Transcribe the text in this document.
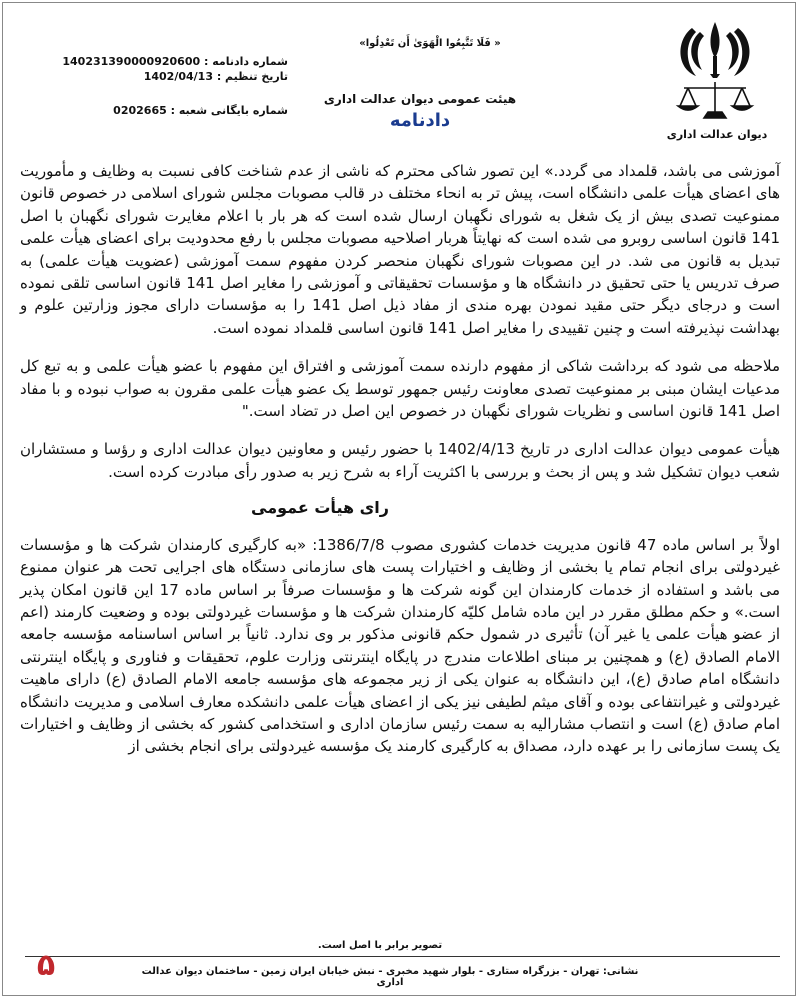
دیوان عدالت اداری
«فَلَا تَتَّبِعُوا الْهَوَىٰ أَن تَعْدِلُوا »
هیئت عمومی دیوان عدالت اداری
دادنامه
شماره دادنامه : 140231390000920600
تاریخ تنظیم : 1402/04/13
شماره بایگانی شعبه : 0202665

آموزشی می باشد، قلمداد می گردد.» این تصور شاکی محترم که ناشی از عدم شناخت کافی نسبت به وظایف و مأموریت های اعضای هیأت علمی دانشگاه است، پیش تر به انحاء مختلف در قالب مصوبات مجلس شورای اسلامی در خصوص قانون ممنوعیت تصدی بیش از یک شغل به شورای نگهبان ارسال شده است که هر بار با اعلام مغایرت شورای نگهبان با اصل 141 قانون اساسی روبرو می شده است که نهایتاً هربار اصلاحیه مصوبات مجلس با رفع محدودیت برای اعضای هیأت علمی تبدیل به قانون می شد. در این مصوبات شورای نگهبان منحصر کردن مفهوم سمت آموزشی (عضویت هیأت علمی) به صرف تدریس یا حتی تحقیق در دانشگاه ها و مؤسسات تحقیقاتی و آموزشی را مغایر اصل 141 قانون اساسی تلقی نموده است و درجای دیگر حتی مقید نمودن بهره مندی از مفاد ذیل اصل 141 را به مؤسسات دارای مجوز وزارتین علوم و بهداشت نپذیرفته است و چنین تقییدی را مغایر اصل 141 قانون اساسی قلمداد نموده است.

ملاحظه می شود که برداشت شاکی از مفهوم دارنده سمت آموزشی و افتراق این مفهوم با عضو هیأت علمی و به تبع کل مدعیات ایشان مبنی بر ممنوعیت تصدی معاونت رئیس جمهور توسط یک عضو هیأت علمی مقرون به صواب نبوده و با مفاد اصل 141 قانون اساسی و نظریات شورای نگهبان در خصوص این اصل در تضاد است."

هیأت عمومی دیوان عدالت اداری در تاریخ 1402/4/13 با حضور رئیس و معاونین دیوان عدالت اداری و رؤسا و مستشاران شعب دیوان تشکیل شد و پس از بحث و بررسی با اکثریت آراء به شرح زیر به صدور رأی مبادرت کرده است.

رای هیأت عمومی

اولاً بر اساس ماده 47 قانون مدیریت خدمات کشوری مصوب 1386/7/8: «به کارگیری کارمندان شرکت ها و مؤسسات غیردولتی برای انجام تمام یا بخشی از وظایف و اختیارات پست های سازمانی دستگاه های اجرایی تحت هر عنوان ممنوع می باشد و استفاده از خدمات کارمندان این گونه شرکت ها و مؤسسات صرفاً بر اساس ماده 17 این قانون امکان پذیر است.» و حکم مطلق مقرر در این ماده شامل کلیّه کارمندان شرکت ها و مؤسسات غیردولتی بوده و وضعیت کارمند (اعم از عضو هیأت علمی یا غیر آن) تأثیری در شمول حکم قانونی مذکور بر وی ندارد. ثانیاً بر اساس اساسنامه مؤسسه جامعه الامام الصادق (ع) و همچنین بر مبنای اطلاعات مندرج در پایگاه اینترنتی وزارت علوم، تحقیقات و فناوری و پایگاه اینترنتی دانشگاه امام صادق (ع)، این دانشگاه به عنوان یکی از زیر مجموعه های مؤسسه جامعه الامام الصادق (ع) دارای ماهیت غیردولتی و غیرانتفاعی بوده و آقای میثم لطیفی نیز یکی از اعضای هیأت علمی دانشکده معارف اسلامی و مدیریت دانشگاه امام صادق (ع) است و انتصاب مشارالیه به سمت رئیس سازمان اداری و استخدامی کشور که بخشی از وظایف و اختیارات یک پست سازمانی را بر عهده دارد، مصداق به کارگیری کارمند یک مؤسسه غیردولتی برای انجام بخشی از

تصویر برابر با اصل است.
۵	نشانی: تهران - بزرگراه ستاری - بلوار شهید مخبری - نبش خیابان ایران زمین - ساختمان دیوان عدالت اداری
